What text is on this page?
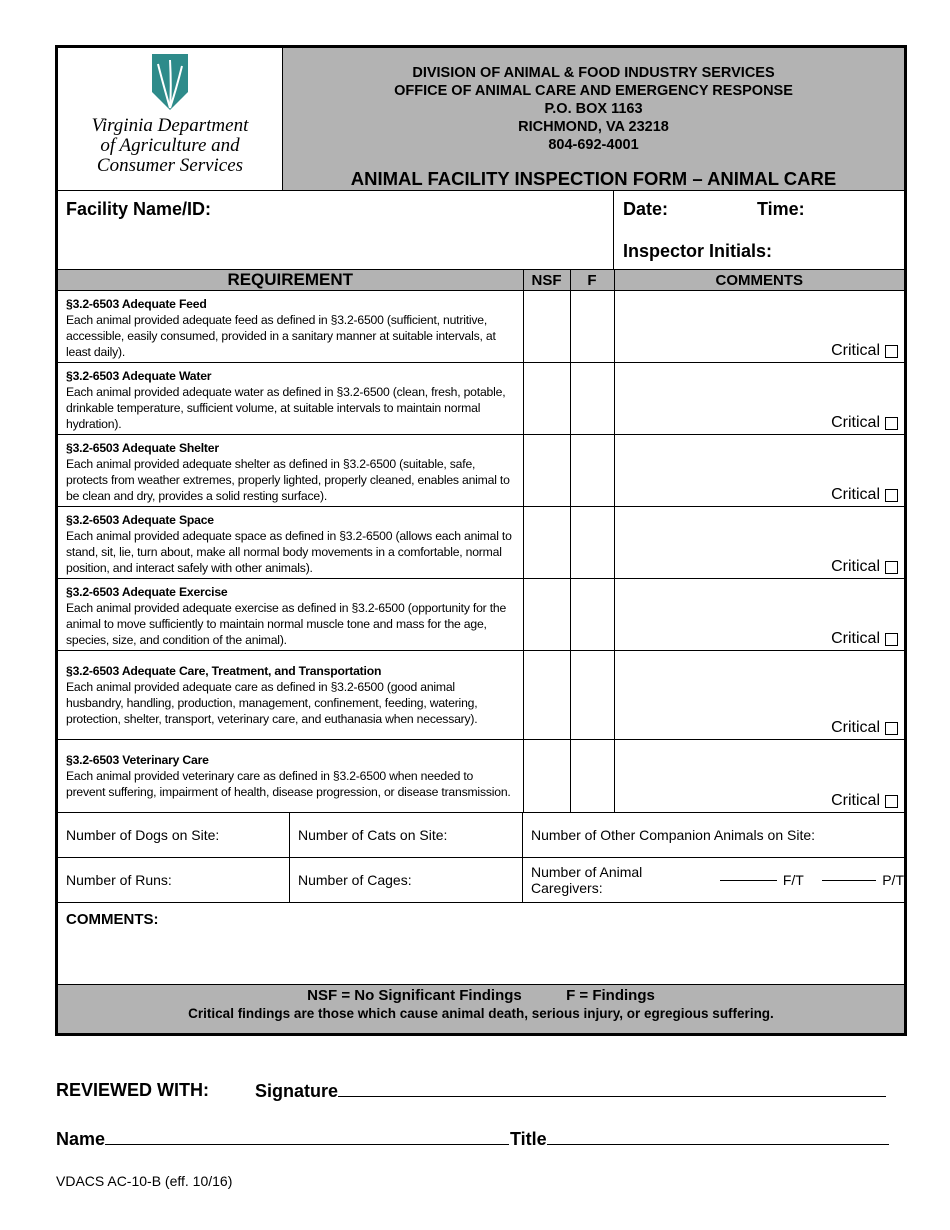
Virginia Department
of Agriculture and
Consumer Services
DIVISION OF ANIMAL & FOOD INDUSTRY SERVICES
OFFICE OF ANIMAL CARE AND EMERGENCY RESPONSE
P.O. BOX 1163
RICHMOND, VA 23218
804-692-4001
ANIMAL FACILITY INSPECTION FORM – ANIMAL CARE
Facility Name/ID:	Date:	Time:
Inspector Initials:
REQUIREMENT	NSF	F	COMMENTS

§3.2-6503 Adequate Feed
Each animal provided adequate feed as defined in §3.2-6500 (sufficient, nutritive, accessible, easily consumed, provided in a sanitary manner at suitable intervals, at least daily).			Critical

§3.2-6503 Adequate Water
Each animal provided adequate water as defined in §3.2-6500 (clean, fresh, potable, drinkable temperature, sufficient volume, at suitable intervals to maintain normal hydration).			Critical

§3.2-6503 Adequate Shelter
Each animal provided adequate shelter as defined in §3.2-6500 (suitable, safe, protects from weather extremes, properly lighted, properly cleaned, enables animal to be clean and dry, provides a solid resting surface).			Critical

§3.2-6503 Adequate Space
Each animal provided adequate space as defined in §3.2-6500 (allows each animal to stand, sit, lie, turn about, make all normal body movements in a comfortable, normal position, and interact safely with other animals).			Critical

§3.2-6503 Adequate Exercise
Each animal provided adequate exercise as defined in §3.2-6500 (opportunity for the animal to move sufficiently to maintain normal muscle tone and mass for the age, species, size, and condition of the animal).			Critical

§3.2-6503 Adequate Care, Treatment, and Transportation
Each animal provided adequate care as defined in §3.2-6500 (good animal husbandry, handling, production, management, confinement, feeding, watering, protection, shelter, transport, veterinary care, and euthanasia when necessary).			Critical

§3.2-6503 Veterinary Care
Each animal provided veterinary care as defined in §3.2-6500 when needed to prevent suffering, impairment of health, disease progression, or disease transmission.			Critical
Number of Dogs on Site:	Number of Cats on Site:	Number of Other Companion Animals on Site:
Number of Runs:	Number of Cages:	Number of Animal Caregivers:	F/T	P/T
COMMENTS:
NSF = No Significant Findings	F = Findings
Critical findings are those which cause animal death, serious injury, or egregious suffering.
REVIEWED WITH:	Signature
Name	Title
VDACS AC-10-B (eff. 10/16)
